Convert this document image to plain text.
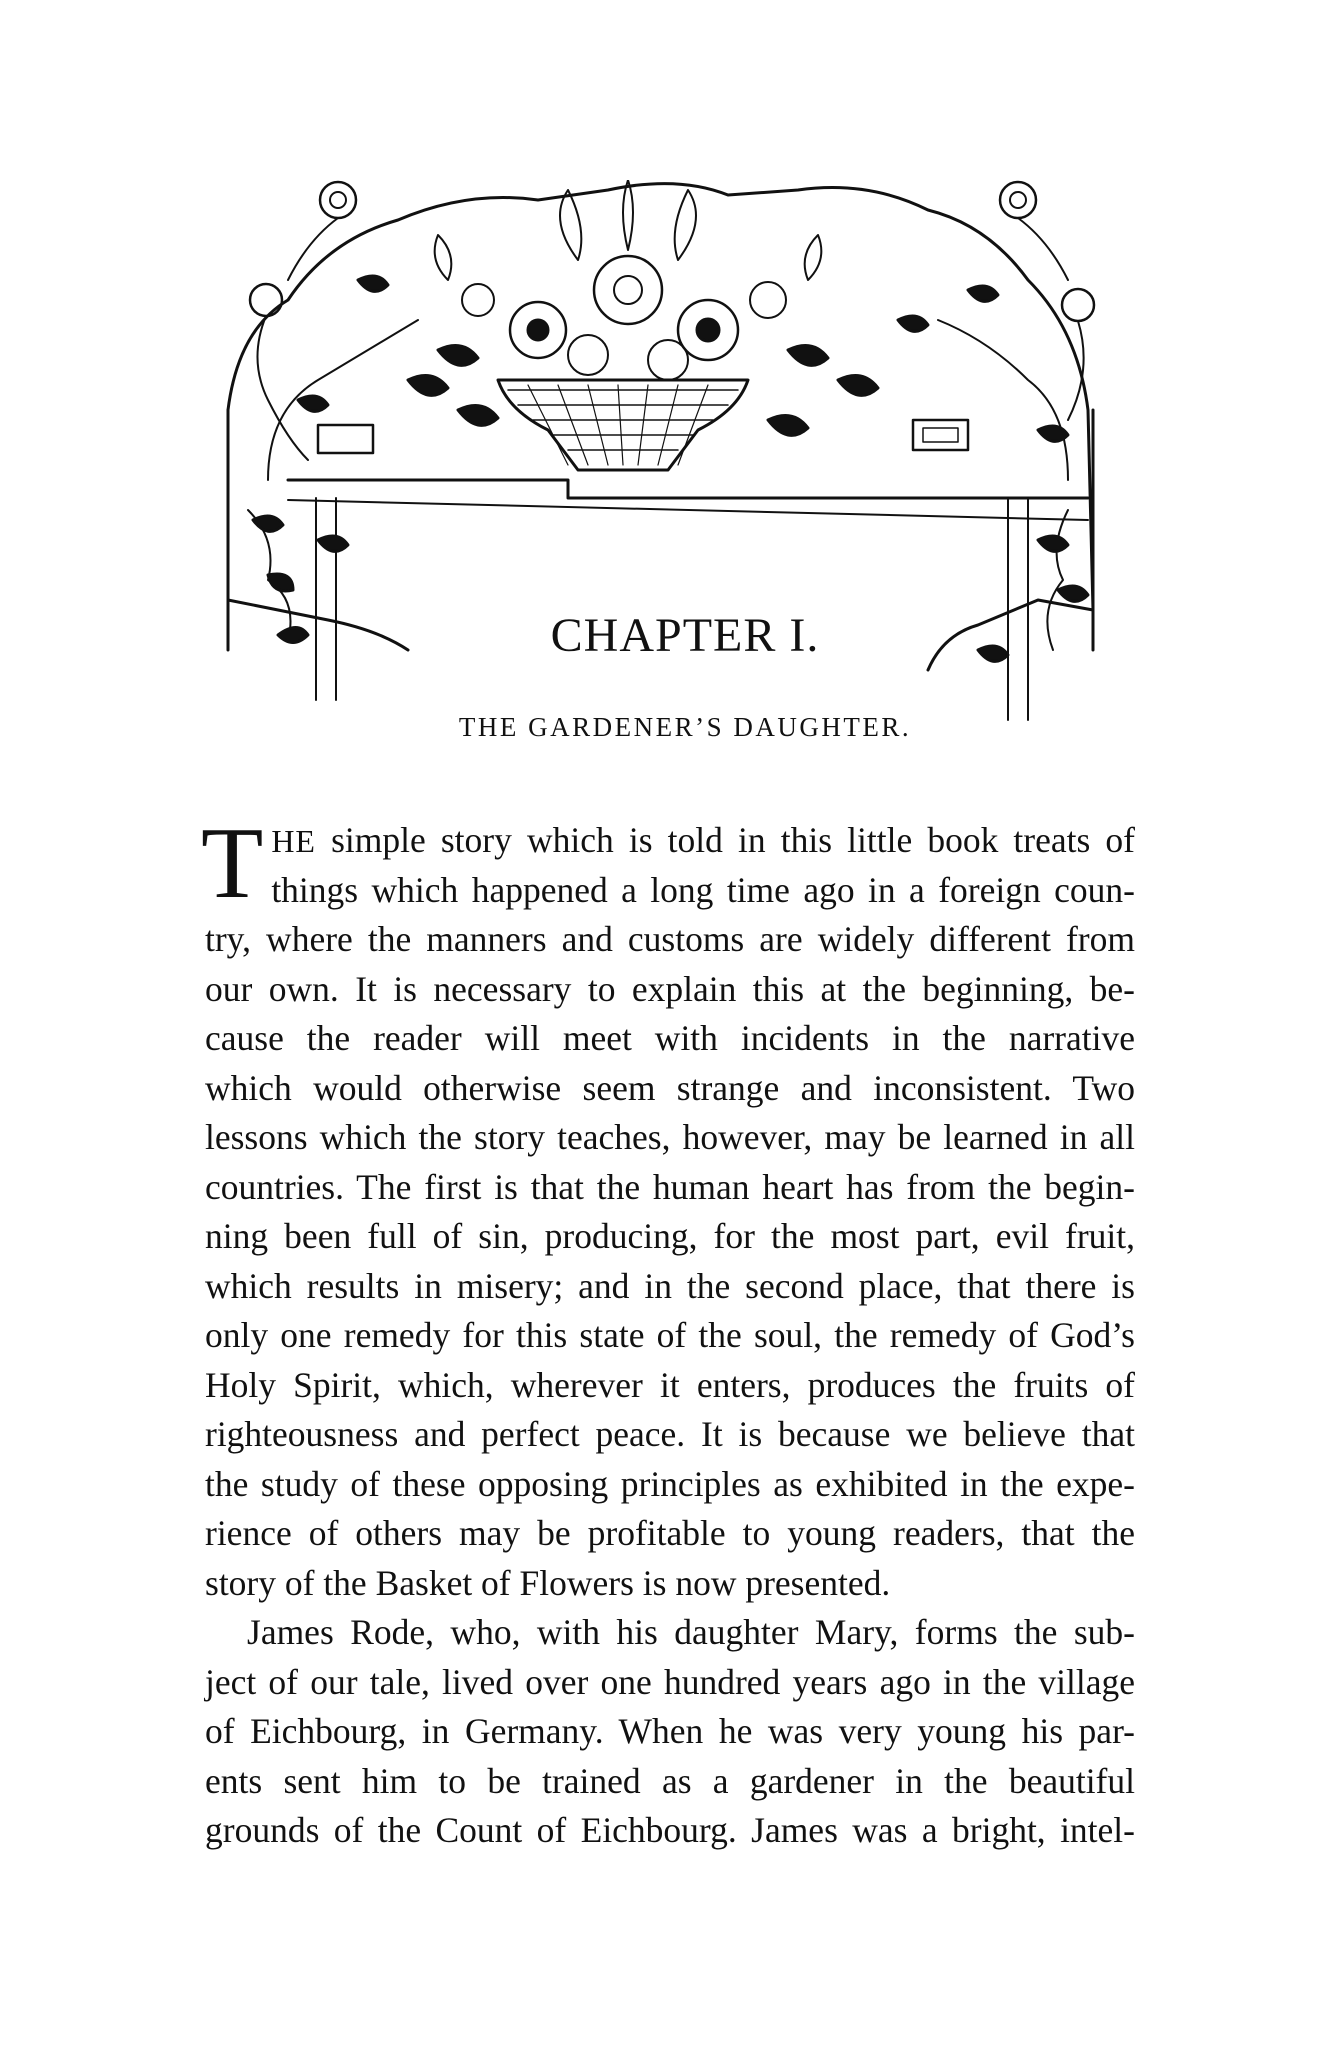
CHAPTER I.
THE GARDENER’S DAUGHTER.
T HE simple story which is told in this little book treats of
things which happened a long time ago in a foreign coun-
try, where the manners and customs are widely different from
our own. It is necessary to explain this at the beginning, be-
cause the reader will meet with incidents in the narrative
which would otherwise seem strange and inconsistent. Two
lessons which the story teaches, however, may be learned in all
countries. The first is that the human heart has from the begin-
ning been full of sin, producing, for the most part, evil fruit,
which results in misery; and in the second place, that there is
only one remedy for this state of the soul, the remedy of God’s
Holy Spirit, which, wherever it enters, produces the fruits of
righteousness and perfect peace. It is because we believe that
the study of these opposing principles as exhibited in the expe-
rience of others may be profitable to young readers, that the
story of the Basket of Flowers is now presented.
James Rode, who, with his daughter Mary, forms the sub-
ject of our tale, lived over one hundred years ago in the village
of Eichbourg, in Germany. When he was very young his par-
ents sent him to be trained as a gardener in the beautiful
grounds of the Count of Eichbourg. James was a bright, intel-
